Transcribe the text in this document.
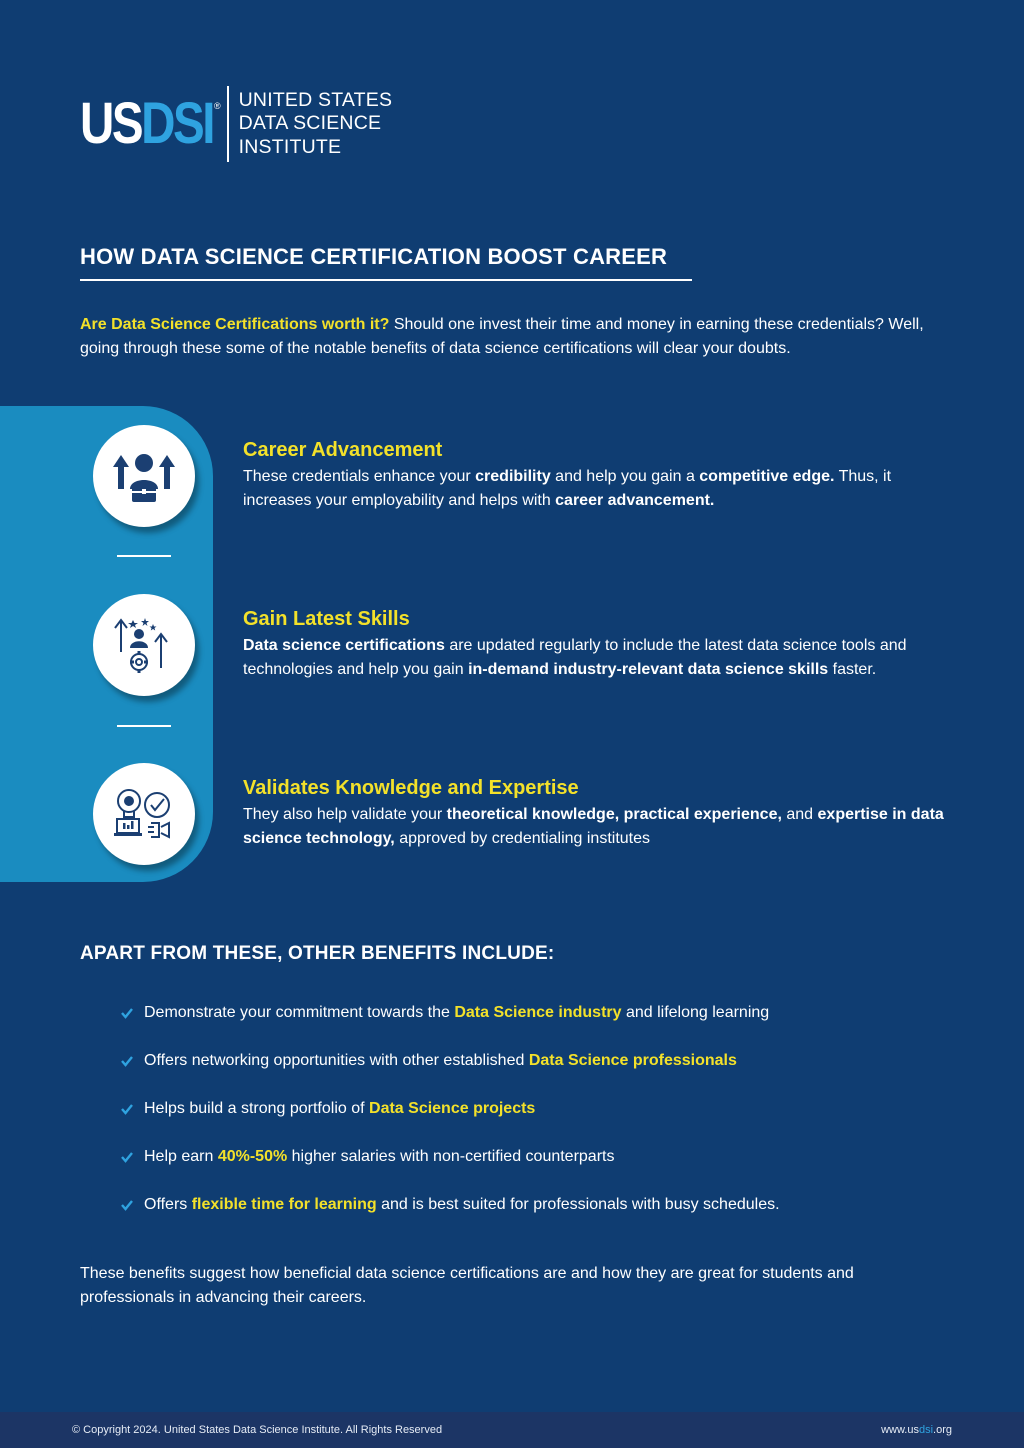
USDSI ® UNITED STATES
DATA SCIENCE
INSTITUTE
HOW DATA SCIENCE CERTIFICATION BOOST CAREER
Are Data Science Certifications worth it? Should one invest their time and money in earning these credentials? Well, going through these some of the notable benefits of data science certifications will clear your doubts.
Career Advancement
These credentials enhance your credibility and help you gain a competitive edge. Thus, it increases your employability and helps with career advancement.
Gain Latest Skills
Data science certifications are updated regularly to include the latest data science tools and technologies and help you gain in-demand industry-relevant data science skills faster.
Validates Knowledge and Expertise
They also help validate your theoretical knowledge, practical experience, and expertise in data science technology, approved by credentialing institutes
APART FROM THESE, OTHER BENEFITS INCLUDE:
Demonstrate your commitment towards the Data Science industry and lifelong learning
Offers networking opportunities with other established Data Science professionals
Helps build a strong portfolio of Data Science projects
Help earn 40%-50% higher salaries with non-certified counterparts
Offers flexible time for learning and is best suited for professionals with busy schedules.
These benefits suggest how beneficial data science certifications are and how they are great for students and professionals in advancing their careers.
© Copyright 2024. United States Data Science Institute. All Rights Reserved	www.usdsi.org
